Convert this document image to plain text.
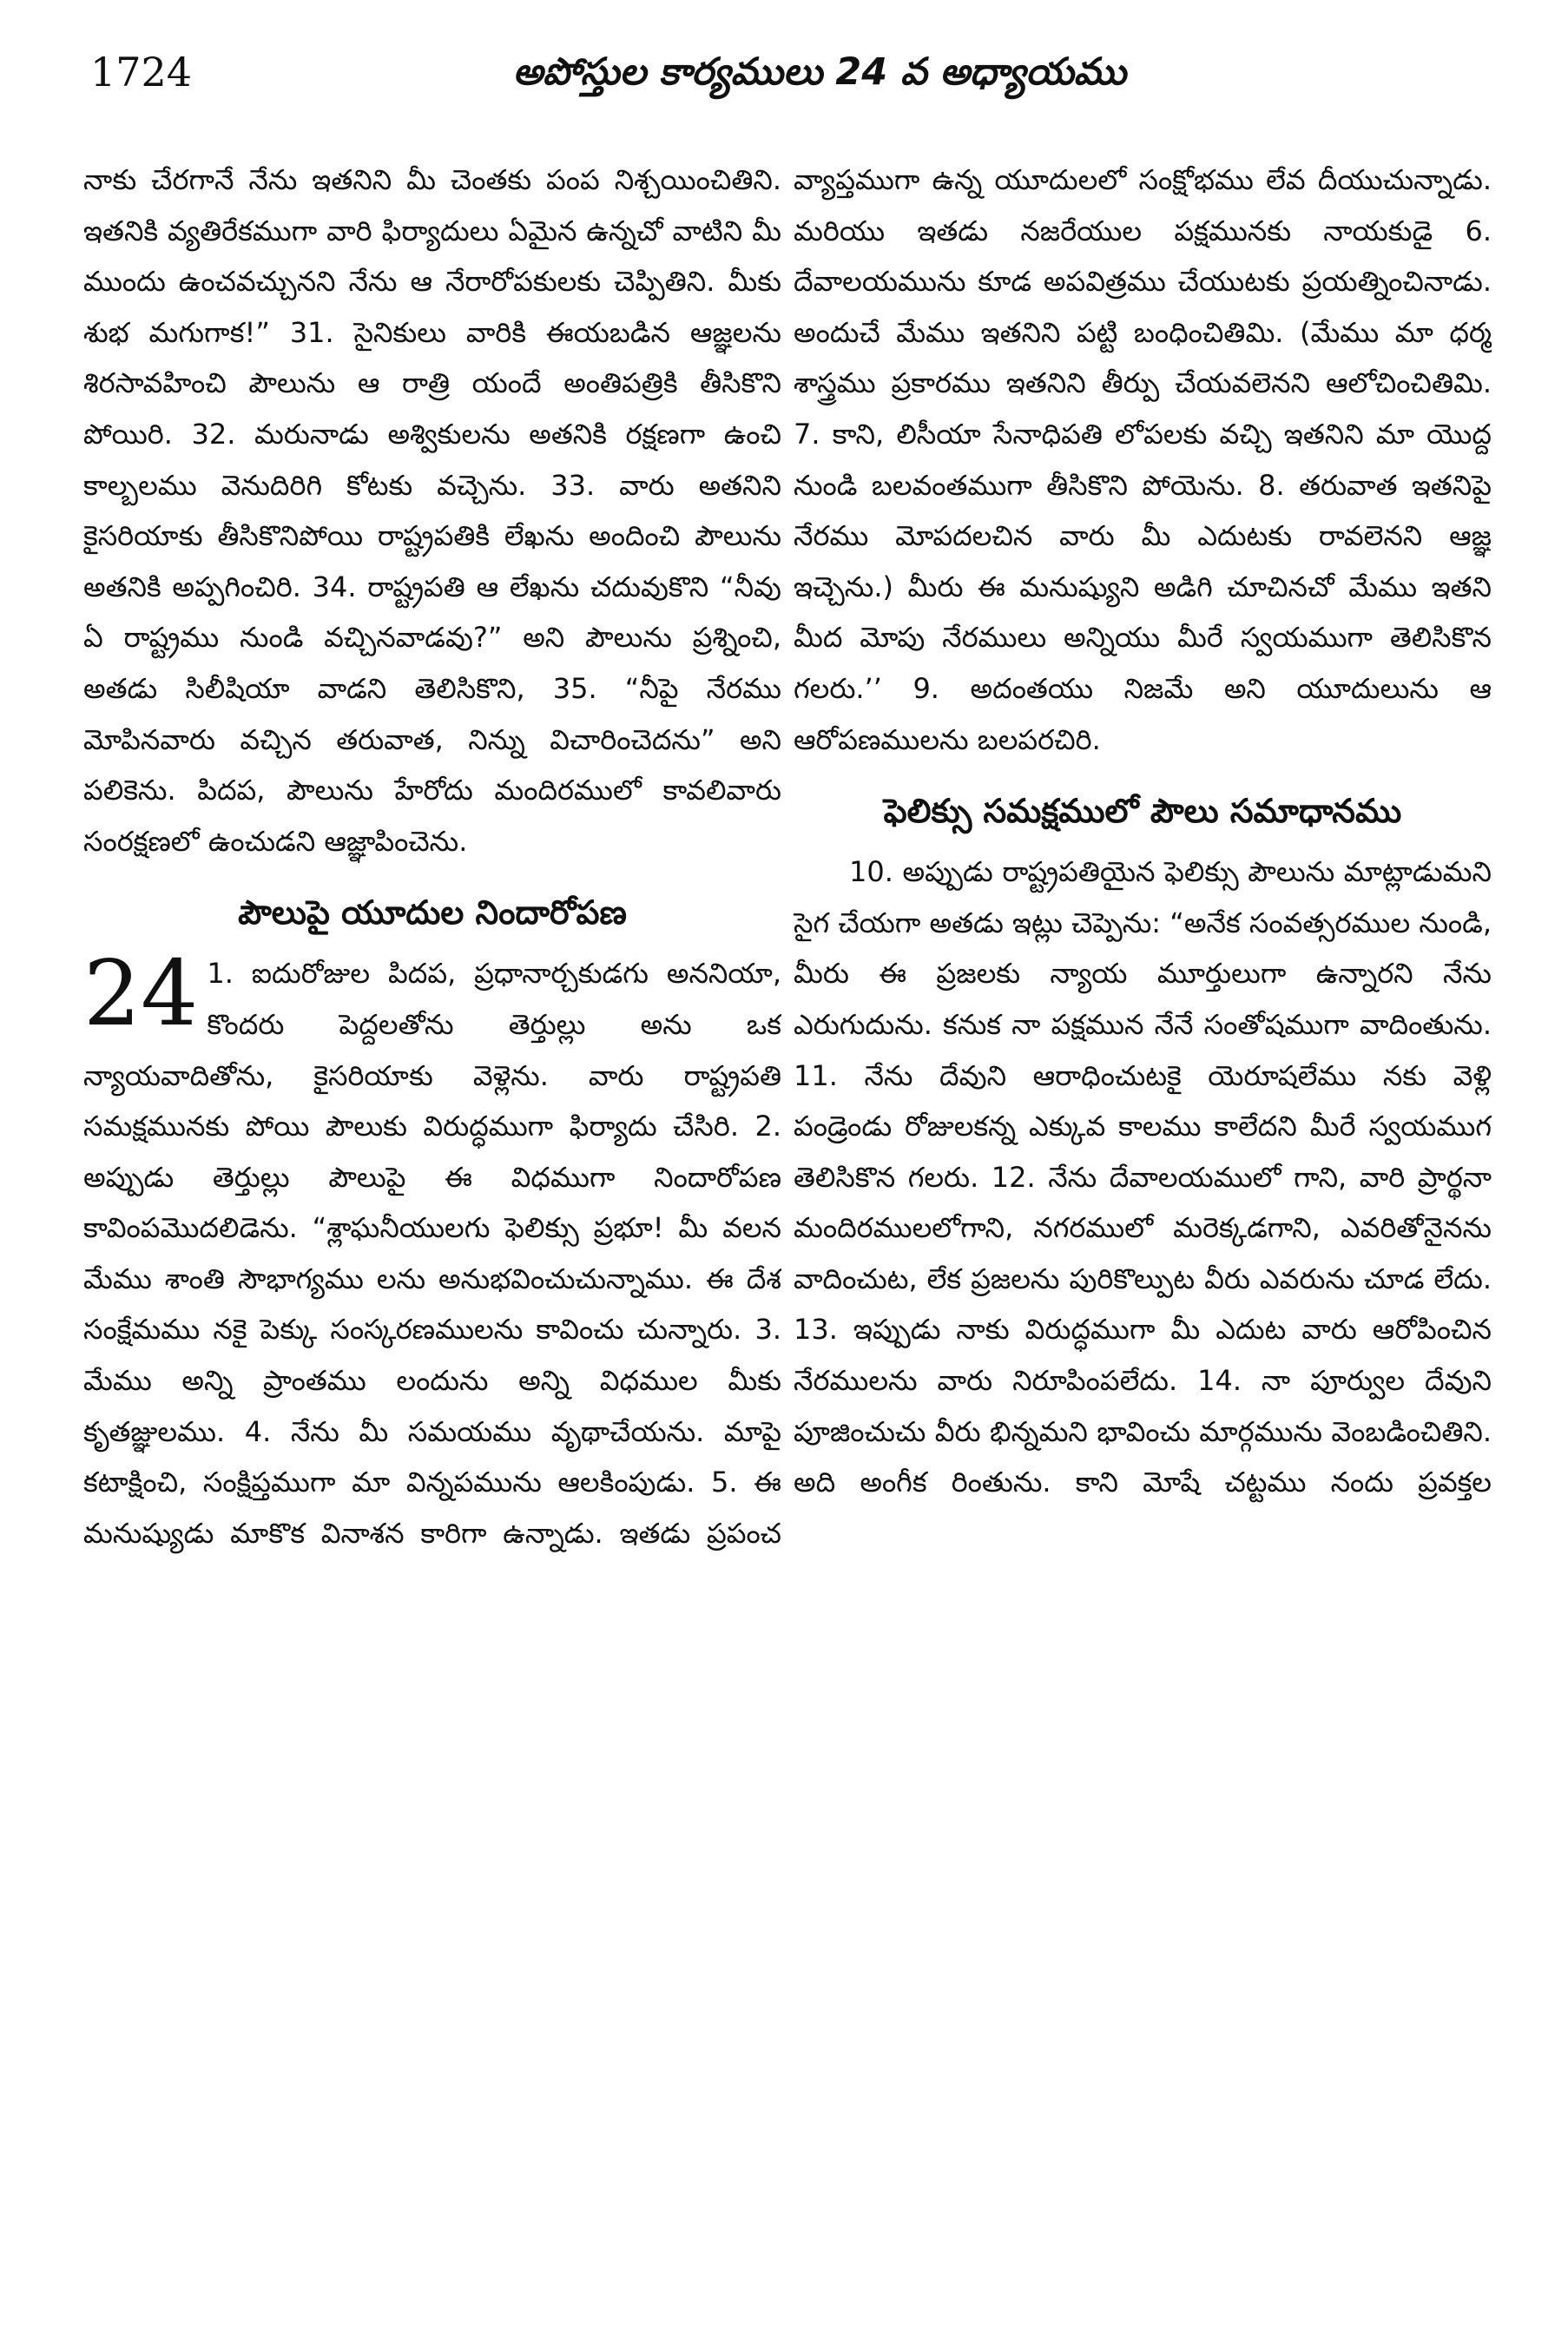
1724	అపోస్తుల కార్యములు 24 వ అధ్యాయము

నాకు చేరగానే నేను ఇతనిని మీ చెంతకు పంప నిశ్చయించితిని. ఇతనికి వ్యతిరేకముగా వారి ఫిర్యాదులు ఏమైన ఉన్నచో వాటిని మీ ముందు ఉంచవచ్చునని నేను ఆ నేరారోపకులకు చెప్పితిని. మీకు శుభ మగుగాక!” 31. సైనికులు వారికి ఈయబడిన ఆజ్ఞలను శిరసావహించి పౌలును ఆ రాత్రి యందే అంతిపత్రికి తీసికొని పోయిరి. 32. మరునాడు అశ్వికులను అతనికి రక్షణగా ఉంచి కాల్బలము వెనుదిరిగి కోటకు వచ్చెను. 33. వారు అతనిని కైసరియాకు తీసికొనిపోయి రాష్ట్రపతికి లేఖను అందించి పౌలును అతనికి అప్పగించిరి. 34. రాష్ట్రపతి ఆ లేఖను చదువుకొని “నీవు ఏ రాష్ట్రము నుండి వచ్చినవాడవు?” అని పౌలును ప్రశ్నించి, అతడు సిలీషియా వాడని తెలిసికొని, 35. “నీపై నేరము మోపినవారు వచ్చిన తరువాత, నిన్ను విచారించెదను” అని పలికెను. పిదప, పౌలును హేరోదు మందిరములో కావలివారు సంరక్షణలో ఉంచుడని ఆజ్ఞాపించెను.

పౌలుపై యూదుల నిందారోపణ
24 1. ఐదురోజుల పిదప, ప్రధానార్చకుడగు అననియా, కొందరు పెద్దలతోను తెర్తుల్లు అను ఒక న్యాయవాదితోను, కైసరియాకు వెళ్లెను. వారు రాష్ట్రపతి సమక్షమునకు పోయి పౌలుకు విరుద్ధముగా ఫిర్యాదు చేసిరి. 2. అప్పుడు తెర్తుల్లు పౌలుపై ఈ విధముగా నిందారోపణ కావింపమొదలిడెను. “శ్లాఘనీయులగు ఫెలిక్సు ప్రభూ! మీ వలన మేము శాంతి సౌభాగ్యము లను అనుభవించుచున్నాము. ఈ దేశ సంక్షేమము నకై పెక్కు సంస్కరణములను కావించు చున్నారు. 3. మేము అన్ని ప్రాంతము లందును అన్ని విధముల మీకు కృతజ్ఞులము. 4. నేను మీ సమయము వృథాచేయను. మాపై కటాక్షించి, సంక్షిప్తముగా మా విన్నపమును ఆలకింపుడు. 5. ఈ మనుష్యుడు మాకొక వినాశన కారిగా ఉన్నాడు. ఇతడు ప్రపంచ

వ్యాప్తముగా ఉన్న యూదులలో సంక్షోభము లేవ దీయుచున్నాడు. మరియు ఇతడు నజరేయుల పక్షమునకు నాయకుడై 6. దేవాలయమును కూడ అపవిత్రము చేయుటకు ప్రయత్నించినాడు. అందుచే మేము ఇతనిని పట్టి బంధించితిమి. (మేము మా ధర్మ శాస్త్రము ప్రకారము ఇతనిని తీర్పు చేయవలెనని ఆలోచించితిమి. 7. కాని, లిసీయా సేనాధిపతి లోపలకు వచ్చి ఇతనిని మా యొద్ద నుండి బలవంతముగా తీసికొని పోయెను. 8. తరువాత ఇతనిపై నేరము మోపదలచిన వారు మీ ఎదుటకు రావలెనని ఆజ్ఞ ఇచ్చెను.) మీరు ఈ మనుష్యుని అడిగి చూచినచో మేము ఇతని మీద మోపు నేరములు అన్నియు మీరే స్వయముగా తెలిసికొన గలరు.’’ 9. అదంతయు నిజమే అని యూదులును ఆ ఆరోపణములను బలపరచిరి.

ఫెలిక్సు సమక్షములో పౌలు సమాధానము

10. అప్పుడు రాష్ట్రపతియైన ఫెలిక్సు పౌలును మాట్లాడుమని సైగ చేయగా అతడు ఇట్లు చెప్పెను: “అనేక సంవత్సరముల నుండి, మీరు ఈ ప్రజలకు న్యాయ మూర్తులుగా ఉన్నారని నేను ఎరుగుదును. కనుక నా పక్షమున నేనే సంతోషముగా వాదింతును. 11. నేను దేవుని ఆరాధించుటకై యెరూషలేము నకు వెళ్లి పండ్రెండు రోజులకన్న ఎక్కువ కాలము కాలేదని మీరే స్వయముగ తెలిసికొన గలరు. 12. నేను దేవాలయములో గాని, వారి ప్రార్థనా మందిరములలోగాని, నగరములో మరెక్కడగాని, ఎవరితోనైనను వాదించుట, లేక ప్రజలను పురికొల్పుట వీరు ఎవరును చూడ లేదు. 13. ఇప్పుడు నాకు విరుద్ధముగా మీ ఎదుట వారు ఆరోపించిన నేరములను వారు నిరూపింపలేదు. 14. నా పూర్వుల దేవుని పూజించుచు వీరు భిన్నమని భావించు మార్గమును వెంబడించితిని. అది అంగీక రింతును. కాని మోషే చట్టము నందు ప్రవక్తల
